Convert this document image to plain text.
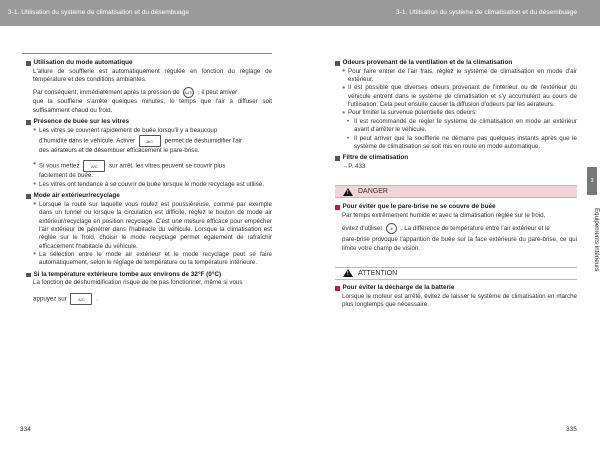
3-1. Utilisation du système de climatisation et du désembuage	3-1. Utilisation du système de climatisation et du désembuage
Utilisation du mode automatique

L'allure de soufflerie est automatiquement régulée en fonction du réglage de température et des conditions ambiantes.

Par conséquent, immédiatement après la pression de AUTO , il peut arriver

que la soufflerie s'arrête quelques minutes, le temps que l'air à diffuser soit suffisamment chaud ou froid.

Présence de buée sur les vitres
● Les vitres se couvrent rapidement de buée lorsqu'il y a beaucoup
d'humidité dans le véhicule. Activer	A/C permet de déshumidifier l'air
des aérateurs et de désembuer efficacement le pare-brise.
● Si vous mettez	A/C sur arrêt, les vitres peuvent se couvrir plus
facilement de buée.
● Les vitres ont tendance à se couvrir de buée lorsque le mode recyclage est utilisé.
Mode air extérieur/recyclage
● Lorsque la route sur laquelle vous roulez est poussiéreuse, comme par exemple dans un tunnel ou lorsque la circulation est difficile, réglez le bouton de mode air extérieur/recyclage en position recyclage. C'est une mesure efficace pour empêcher l'air extérieur de pénétrer dans l'habitacle du véhicule. Lorsque la climatisation est réglée sur le froid, choisir le mode recyclage permet également de rafraîchir efficacement l'habitacle du véhicule.
● La sélection entre le mode air extérieur et le mode recyclage peut se faire automatiquement, selon le réglage de température ou la température intérieure.
Si la température extérieure tombe aux environs de 32°F (0°C)

La fonction de déshumidification risque de ne pas fonctionner, même si vous

appuyez sur	A/C .

Odeurs provenant de la ventilation et de la climatisation
● Pour faire entrer de l'air frais, réglez le système de climatisation en mode d'air extérieur.
● Il est possible que diverses odeurs provenant de l'intérieur ou de l'extérieur du véhicule entrent dans le système de climatisation et s'y accumulent au cours de l'utilisation. Cela peut ensuite causer la diffusion d'odeurs par les aérateurs.
● Pour limiter la survenue potentielle des odeurs:
• Il est recommandé de régler le système de climatisation en mode air extérieur avant d'arrêter le véhicule.
• Il peut arriver que la soufflerie ne démarre pas quelques instants après que le système de climatisation se soit mis en route en mode automatique.
Filtre de climatisation

→P. 433

! DANGER
Pour éviter que le pare-brise ne se couvre de buée

Par temps extrêmement humide et avec la climatisation réglée sur le froid,

évitez d'utiliser ❄ . La différence de température entre l'air extérieur et le

pare-brise provoque l'apparition de buée sur la face extérieure du pare-brise, ce qui limite votre champ de vision.

! ATTENTION
Pour éviter la décharge de la batterie

Lorsque le moteur est arrêté, évitez de laisser le système de climatisation en marche plus longtemps que nécessaire.

3
Équipements intérieurs
334	335
